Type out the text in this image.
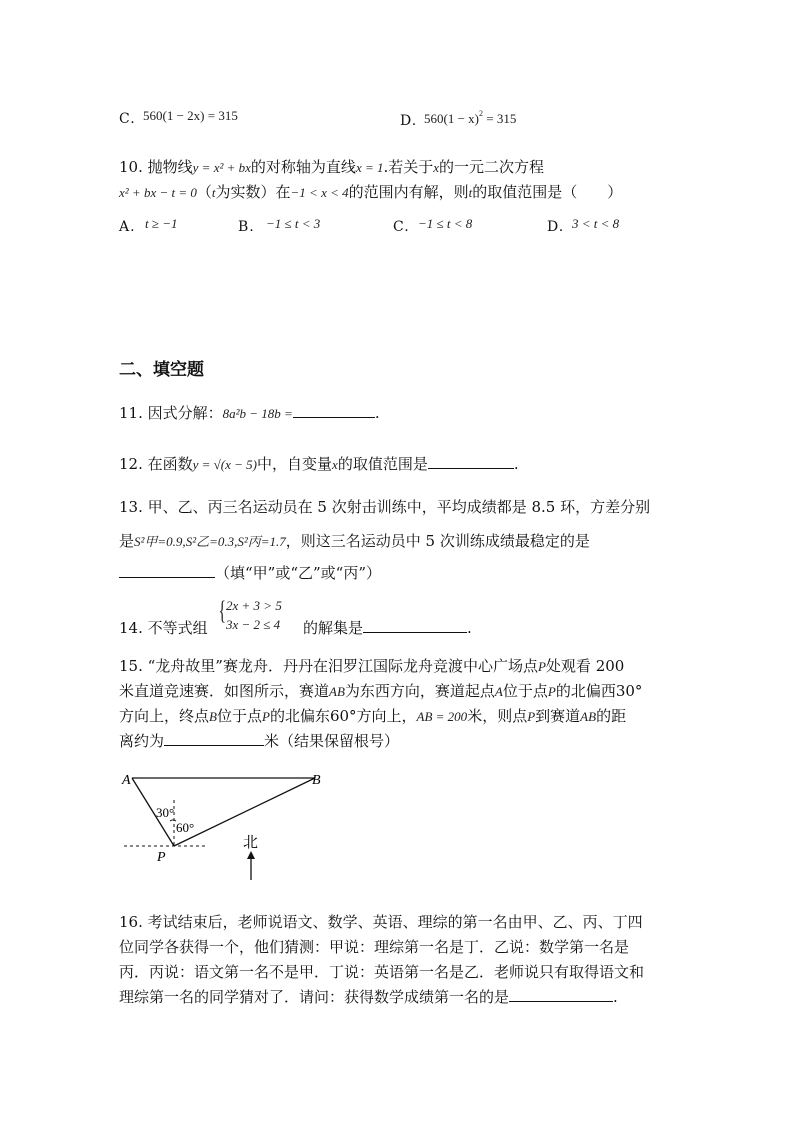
C. 560(1 − 2x) = 315	D. $560(1 - x)^2 = 315$
10. 抛物线y = x² + bx的对称轴为直线x = 1.若关于x的一元二次方程
x² + bx − t = 0（t为实数）在−1 < x < 4的范围内有解，则t的取值范围是（　　）
A. t ≥ −1	B. −1 ≤ t < 3	C. −1 ≤ t < 8	D. 3 < t < 8
二、填空题
11. 因式分解：8a²b − 18b =	.
12. 在函数y = √(x − 5)中，自变量x的取值范围是	.
13. 甲、乙、丙三名运动员在 5 次射击训练中，平均成绩都是 8.5 环，方差分别
是S²甲=0.9,S²乙=0.3,S²丙=1.7，则这三名运动员中 5 次训练成绩最稳定的是
（填“甲”或“乙”或“丙”）
2x + 3 > 5
{
14. 不等式组 3x − 2 ≤ 4 的解集是	.
15. “龙舟故里”赛龙舟．丹丹在汨罗江国际龙舟竞渡中心广场点P处观看 200
米直道竞速赛．如图所示，赛道AB为东西方向，赛道起点A位于点P的北偏西30°
方向上，终点B位于点P的北偏东60°方向上，AB = 200米，则点P到赛道AB的距
离约为	米（结果保留根号）
A	B
P
30°
60°
北
16. 考试结束后，老师说语文、数学、英语、理综的第一名由甲、乙、丙、丁四
位同学各获得一个，他们猜测：甲说：理综第一名是丁．乙说：数学第一名是
丙．丙说：语文第一名不是甲．丁说：英语第一名是乙．老师说只有取得语文和
理综第一名的同学猜对了．请问：获得数学成绩第一名的是	.
